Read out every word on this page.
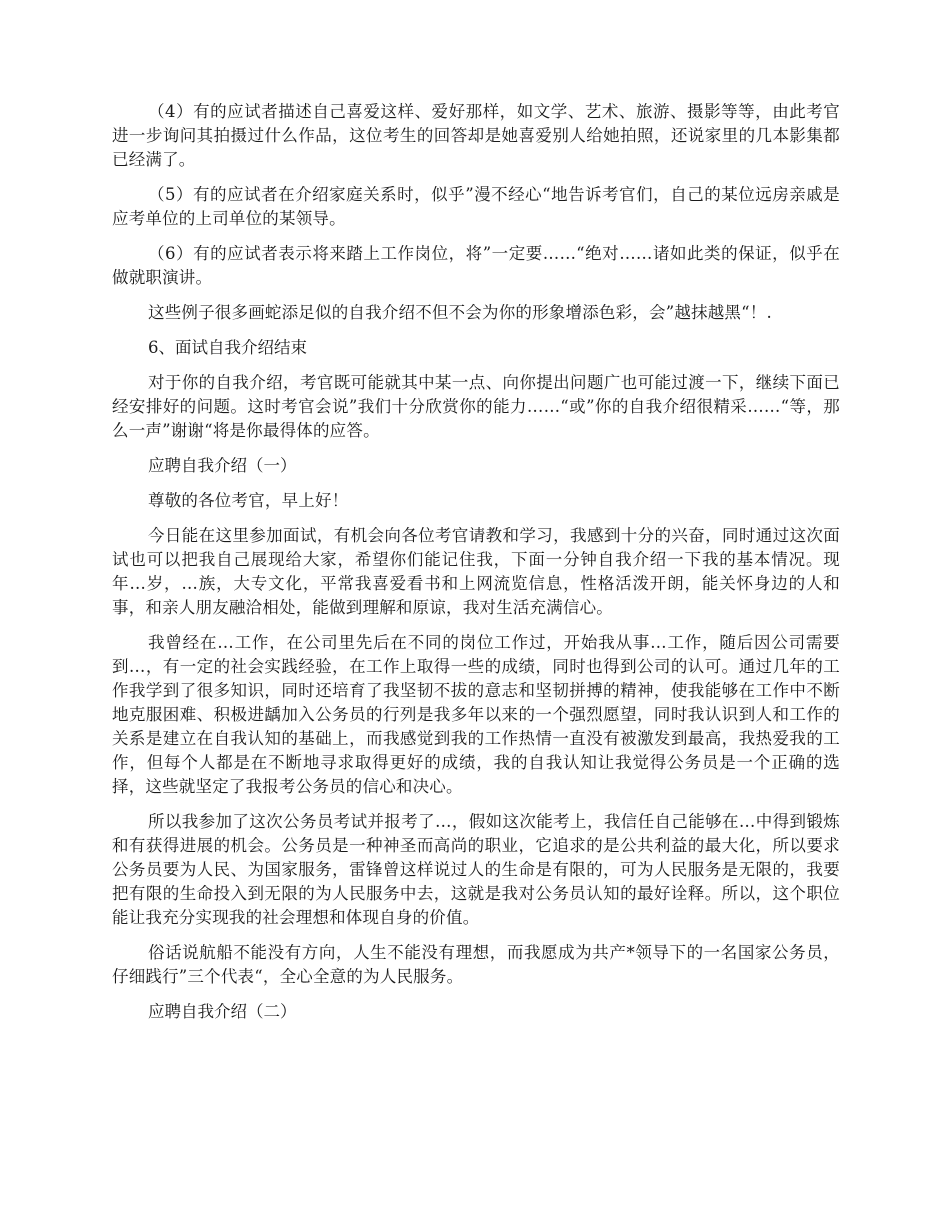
（4）有的应试者描述自己喜爱这样、爱好那样，如文学、艺术、旅游、摄影等等，由此考官进一步询问其拍摄过什么作品，这位考生的回答却是她喜爱别人给她拍照，还说家里的几本影集都已经满了。

（5）有的应试者在介绍家庭关系时，似乎”漫不经心“地告诉考官们，自己的某位远房亲戚是应考单位的上司单位的某领导。

（6）有的应试者表示将来踏上工作岗位，将”一定要……“绝对……诸如此类的保证，似乎在做就职演讲。

这些例子很多画蛇添足似的自我介绍不但不会为你的形象增添色彩，会”越抹越黑“！.

6、面试自我介绍结束

对于你的自我介绍，考官既可能就其中某一点、向你提出问题广也可能过渡一下，继续下面已经安排好的问题。这时考官会说”我们十分欣赏你的能力……“或”你的自我介绍很精采……“等，那么一声”谢谢“将是你最得体的应答。

应聘自我介绍（一）

尊敬的各位考官，早上好！

今日能在这里参加面试，有机会向各位考官请教和学习，我感到十分的兴奋，同时通过这次面试也可以把我自己展现给大家，希望你们能记住我，下面一分钟自我介绍一下我的基本情况。现年…岁，…族，大专文化，平常我喜爱看书和上网流览信息，性格活泼开朗，能关怀身边的人和事，和亲人朋友融洽相处，能做到理解和原谅，我对生活充满信心。

我曾经在…工作，在公司里先后在不同的岗位工作过，开始我从事…工作，随后因公司需要到…，有一定的社会实践经验，在工作上取得一些的成绩，同时也得到公司的认可。通过几年的工作我学到了很多知识，同时还培育了我坚韧不拔的意志和坚韧拼搏的精神，使我能够在工作中不断地克服困难、积极进龋加入公务员的行列是我多年以来的一个强烈愿望，同时我认识到人和工作的关系是建立在自我认知的基础上，而我感觉到我的工作热情一直没有被激发到最高，我热爱我的工作，但每个人都是在不断地寻求取得更好的成绩，我的自我认知让我觉得公务员是一个正确的选择，这些就坚定了我报考公务员的信心和决心。

所以我参加了这次公务员考试并报考了…，假如这次能考上，我信任自己能够在…中得到锻炼和有获得进展的机会。公务员是一种神圣而高尚的职业，它追求的是公共利益的最大化，所以要求公务员要为人民、为国家服务，雷锋曾这样说过人的生命是有限的，可为人民服务是无限的，我要把有限的生命投入到无限的为人民服务中去，这就是我对公务员认知的最好诠释。所以，这个职位能让我充分实现我的社会理想和体现自身的价值。

俗话说航船不能没有方向，人生不能没有理想，而我愿成为共产*领导下的一名国家公务员，仔细践行”三个代表“，全心全意的为人民服务。

应聘自我介绍（二）
